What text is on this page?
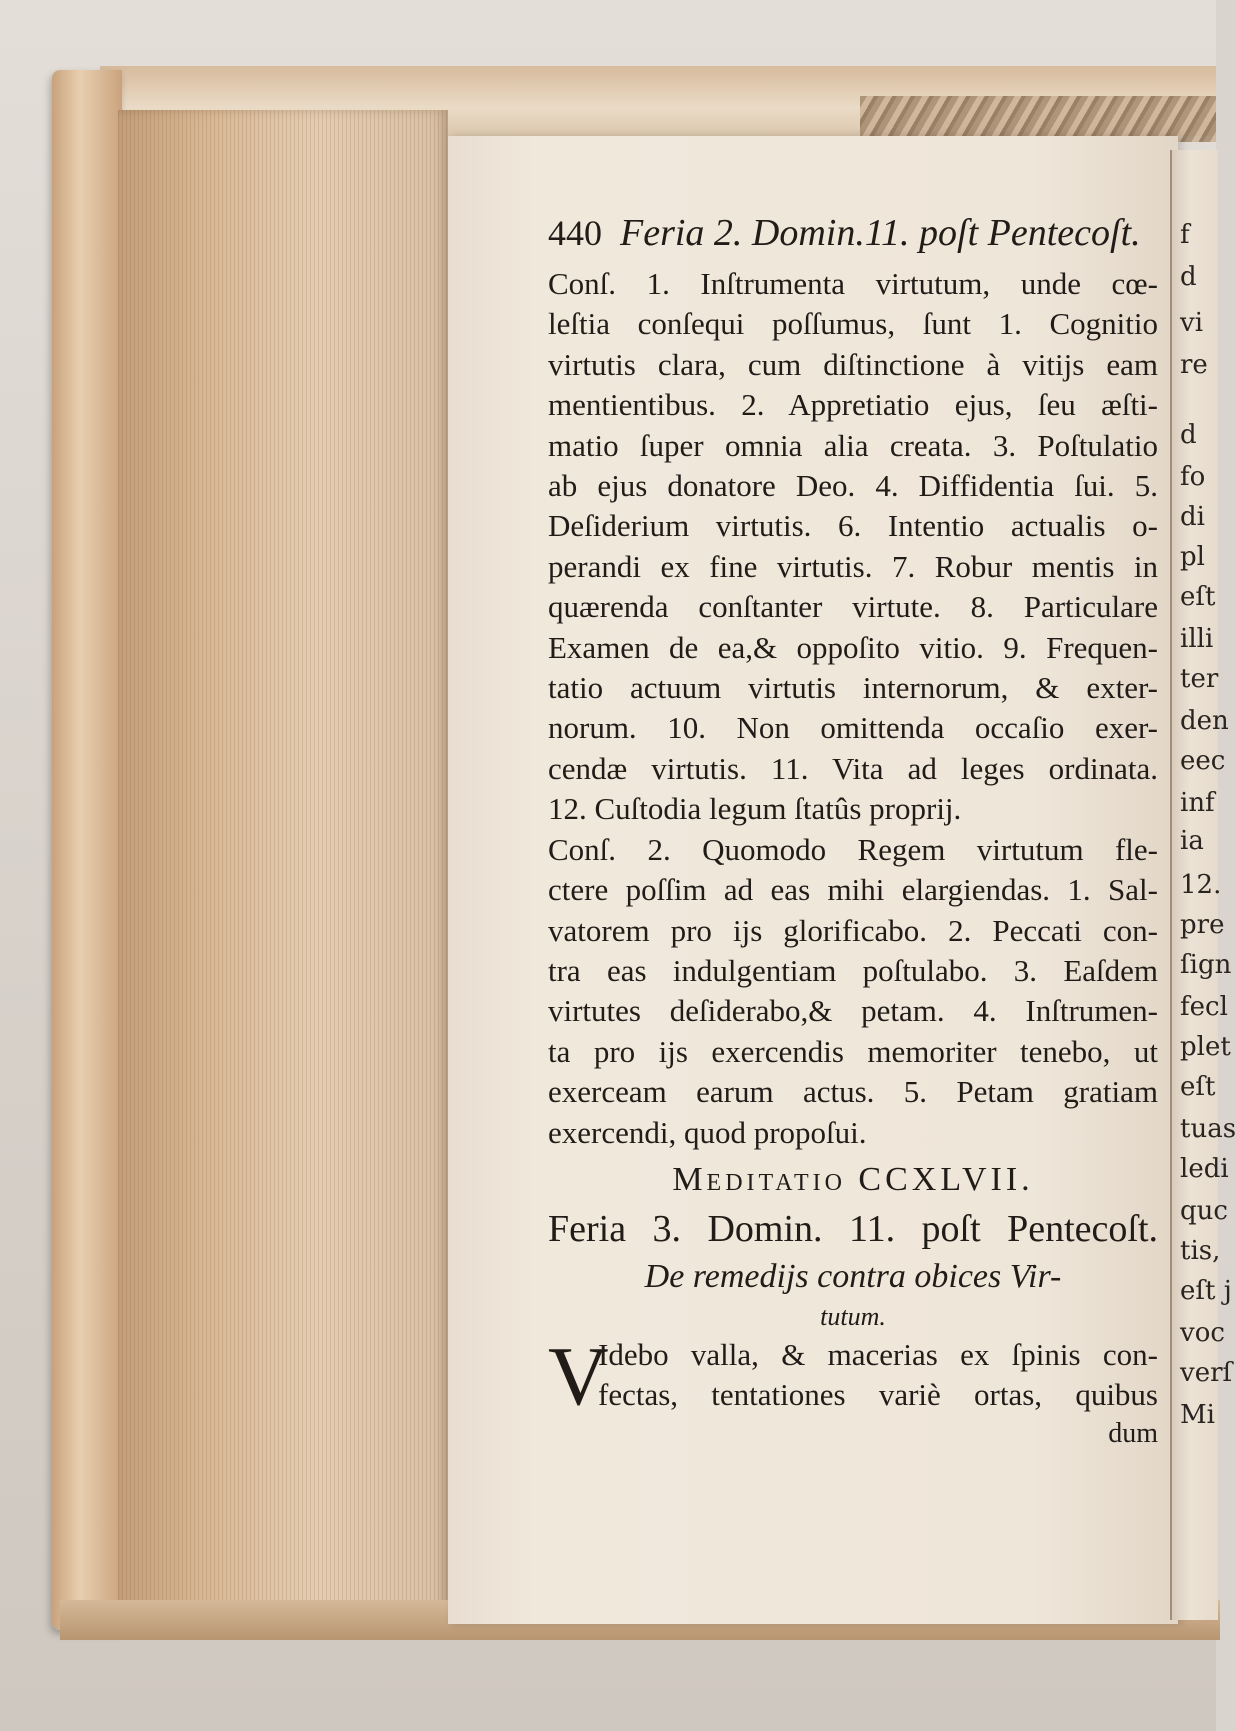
f
d
vi
re
d
fo
di
pl
eſt
illi
ter
den
eec
inf
ia
12.
pre
ſign
fecl
plet
eſt
tuas
ledi
quc
tis,
eſt j
voc
verſ
Mi
440 Feria 2. Domin.11. poſt Pentecoſt.
Conſ. 1. Inſtrumenta virtutum, unde cœ-
leſtia conſequi poſſumus, ſunt 1. Cognitio
virtutis clara, cum diſtinctione à vitijs eam
mentientibus. 2. Appretiatio ejus, ſeu æſti-
matio ſuper omnia alia creata. 3. Poſtulatio
ab ejus donatore Deo. 4. Diffidentia ſui. 5.
Deſiderium virtutis. 6. Intentio actualis o-
perandi ex fine virtutis. 7. Robur mentis in
quærenda conſtanter virtute. 8. Particulare
Examen de ea,& oppoſito vitio. 9. Frequen-
tatio actuum virtutis internorum, & exter-
norum. 10. Non omittenda occaſio exer-
cendæ virtutis. 11. Vita ad leges ordinata.
12. Cuſtodia legum ſtatûs proprij.
Conſ. 2. Quomodo Regem virtutum fle-
ctere poſſim ad eas mihi elargiendas. 1. Sal-
vatorem pro ijs glorificabo. 2. Peccati con-
tra eas indulgentiam poſtulabo. 3. Eaſdem
virtutes deſiderabo,& petam. 4. Inſtrumen-
ta pro ijs exercendis memoriter tenebo, ut
exerceam earum actus. 5. Petam gratiam
exercendi, quod propoſui.
Meditatio CCXLVII.
Feria 3. Domin. 11. poſt Pentecoſt.
De remedijs contra obices Vir-
tutum.
V
Idebo valla, & macerias ex ſpinis con-
fectas, tentationes variè ortas, quibus
dum
